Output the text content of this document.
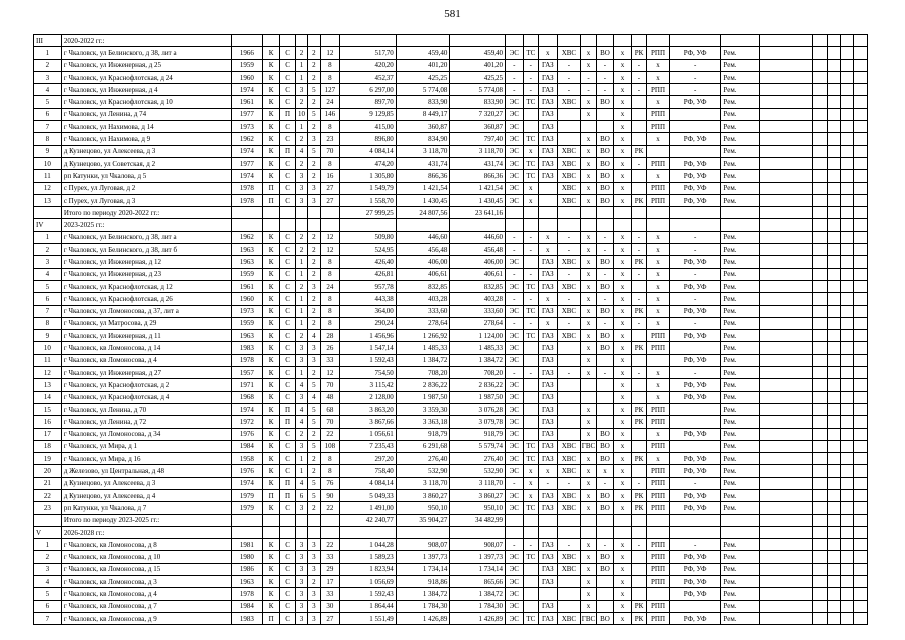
581
III	2020-2022 гг.:																									
1	г Чкаловск, ул Белинского, д 38, лит а	1966	К	С	2	2	12	517,70	459,40	459,40	ЭС	ТС	х	ХВС	х	ВО	х	РК	РПП	РФ, УФ	Рем.					
2	г Чкаловск, ул Инженерная, д 25	1959	К	С	1	2	8	420,20	401,20	401,20	-	-	ГАЗ	-	х	-	х	-	х	-	Рем.					
3	г Чкаловск, ул Краснофлотская, д 24	1960	К	С	1	2	8	452,37	425,25	425,25	-	-	ГАЗ	-	-	-	х	-	х	-	Рем.					
4	г Чкаловск, ул Инженерная, д 4	1974	К	С	3	5	127	6 297,00	5 774,08	5 774,08	-	-	ГАЗ	-	-	-	х	-	РПП	-	Рем.					
5	г Чкаловск, ул Краснофлотская, д 10	1961	К	С	2	2	24	897,70	833,90	833,90	ЭС	ТС	ГАЗ	ХВС	х	ВО	х		х	РФ, УФ	Рем.					
6	г Чкаловск, ул Ленина, д 74	1977	К	П	10	5	146	9 129,85	8 449,17	7 320,27	ЭС		ГАЗ		х		х		РПП		Рем.					
7	г Чкаловск, ул Нахимова, д 14	1973	К	С	1	2	8	415,00	360,87	360,87	ЭС		ГАЗ				х		РПП		Рем.					
8	г Чкаловск, ул Нахимова, д 9	1962	К	С	2	3	23	896,80	834,90	797,40	ЭС	ТС	ГАЗ		х	ВО	х		х	РФ, УФ	Рем.					
9	д Кузнецово, ул Алексеева, д 3	1974	К	П	4	5	70	4 084,14	3 118,70	3 118,70	ЭС	х	ГАЗ	ХВС	х	ВО	х	РК			Рем.					
10	д Кузнецово, ул Советская, д 2	1977	К	С	2	2	8	474,20	431,74	431,74	ЭС	ТС	ГАЗ	ХВС	х	ВО	х	-	РПП	РФ, УФ	Рем.					
11	рп Катунки, ул Чкалова, д 5	1974	К	С	3	2	16	1 305,80	866,36	866,36	ЭС	ТС	ГАЗ	ХВС	х	ВО	х		х	РФ, УФ	Рем.					
12	с Пурех, ул Луговая, д 2	1978	П	С	3	3	27	1 549,79	1 421,54	1 421,54	ЭС	х		ХВС	х	ВО	х		РПП	РФ, УФ	Рем.					
13	с Пурех, ул Луговая, д 3	1978	П	С	3	3	27	1 558,70	1 430,45	1 430,45	ЭС	х		ХВС	х	ВО	х	РК	РПП	РФ, УФ	Рем.					
	Итого по периоду 2020-2022 гг.:							27 999,25	24 807,56	23 641,16																
IV	2023-2025 гг.:																									
1	г Чкаловск, ул Белинского, д 38, лит а	1962	К	С	2	2	12	509,80	446,60	446,60	-	-	х	-	х	-	х	-	х	-	Рем.					
2	г Чкаловск, ул Белинского, д 38, лит б	1963	К	С	2	2	12	524,95	456,48	456,48	-	-	х	-	х	-	х	-	х	-	Рем.					
3	г Чкаловск, ул Инженерная, д 12	1963	К	С	1	2	8	426,40	406,00	406,00	ЭС		ГАЗ	ХВС	х	ВО	х	РК	х	РФ, УФ	Рем.					
4	г Чкаловск, ул Инженерная, д 23	1959	К	С	1	2	8	426,81	406,61	406,61	-	-	ГАЗ	-	х	-	х	-	х	-	Рем.					
5	г Чкаловск, ул Краснофлотская, д 12	1961	К	С	2	3	24	957,78	832,85	832,85	ЭС	ТС	ГАЗ	ХВС	х	ВО	х		х	РФ, УФ	Рем.					
6	г Чкаловск, ул Краснофлотская, д 26	1960	К	С	1	2	8	443,38	403,28	403,28	-	-	х	-	х	-	х	-	х	-	Рем.					
7	г Чкаловск, ул Ломоносова, д 37, лит а	1973	К	С	1	2	8	364,00	333,60	333,60	ЭС	ТС	ГАЗ	ХВС	х	ВО	х	РК	х	РФ, УФ	Рем.					
8	г Чкаловск, ул Матросова, д 29	1959	К	С	1	2	8	290,24	278,64	278,64	-	-	х	-	х	-	х	-	х	-	Рем.					
9	г Чкаловск, ул Инженерная, д 11	1963	К	С	2	4	28	1 456,96	1 266,92	1 124,00	ЭС	ТС	ГАЗ	ХВС	х	ВО	х		РПП	РФ, УФ	Рем.					
10	г Чкаловск, кв Ломоносова, д 14	1983	К	С	3	3	26	1 547,14	1 485,33	1 485,33	ЭС		ГАЗ		х	ВО	х	РК	РПП		Рем.					
11	г Чкаловск, кв Ломоносова, д 4	1978	К	С	3	3	33	1 592,43	1 384,72	1 384,72	ЭС		ГАЗ		х		х			РФ, УФ	Рем.					
12	г Чкаловск, ул Инженерная, д 27	1957	К	С	1	2	12	754,50	708,20	708,20	-	-	ГАЗ	-	х	-	х	-	х	-	Рем.					
13	г Чкаловск, ул Краснофлотская, д 2	1971	К	С	4	5	70	3 115,42	2 836,22	2 836,22	ЭС		ГАЗ				х		х	РФ, УФ	Рем.					
14	г Чкаловск, ул Краснофлотская, д 4	1968	К	С	3	4	48	2 128,00	1 987,50	1 987,50	ЭС		ГАЗ				х		х	РФ, УФ	Рем.					
15	г Чкаловск, ул Ленина, д 70	1974	К	П	4	5	68	3 863,20	3 359,30	3 076,28	ЭС		ГАЗ		х		х	РК	РПП		Рем.					
16	г Чкаловск, ул Ленина, д 72	1972	К	П	4	5	70	3 867,66	3 363,18	3 079,78	ЭС		ГАЗ		х		х	РК	РПП		Рем.					
17	г Чкаловск, ул Ломоносова, д 34	1976	К	С	2	2	22	1 056,61	918,79	918,79	ЭС		ГАЗ		х	ВО	х		х	РФ, УФ	Рем.					
18	г Чкаловск, ул Мира, д 1	1984	К	С	3	5	108	7 235,43	6 291,68	5 579,74	ЭС	ТС	ГАЗ	ХВС	ГВС	ВО	х		РПП		Рем.					
19	г Чкаловск, ул Мира, д 16	1958	К	С	1	2	8	297,20	276,40	276,40	ЭС	ТС	ГАЗ	ХВС	х	ВО	х	РК	х	РФ, УФ	Рем.					
20	д Железово, ул Центральная, д 48	1976	К	С	1	2	8	758,40	532,90	532,90	ЭС	х	х	ХВС	х	х	х		РПП	РФ, УФ	Рем.					
21	д Кузнецово, ул Алексеева, д 3	1974	К	П	4	5	76	4 084,14	3 118,70	3 118,70	-	х	-	-	х	-	х	-	РПП	-	Рем.					
22	д Кузнецово, ул Алексеева, д 4	1979	П	П	6	5	90	5 049,33	3 860,27	3 860,27	ЭС	х	ГАЗ	ХВС	х	ВО	х	РК	РПП	РФ, УФ	Рем.					
23	рп Катунки, ул Чкалова, д 7	1979	К	С	3	2	22	1 491,00	950,10	950,10	ЭС	ТС	ГАЗ	ХВС	х	ВО	х	РК	РПП	РФ, УФ	Рем.					
	Итого по периоду 2023-2025 гг.:							42 240,77	35 904,27	34 482,99																
V	2026-2028 гг.:																									
1	г Чкаловск, кв Ломоносова, д 8	1981	К	С	3	3	22	1 044,28	908,07	908,07	-	-	ГАЗ	-	х	-	х	-	РПП	-	Рем.					
2	г Чкаловск, кв Ломоносова, д 10	1980	К	С	3	3	33	1 589,23	1 397,73	1 397,73	ЭС	ТС	ГАЗ	ХВС	х	ВО	х		РПП	РФ, УФ	Рем.					
3	г Чкаловск, кв Ломоносова, д 15	1986	К	С	3	3	29	1 823,94	1 734,14	1 734,14	ЭС		ГАЗ	ХВС	х	ВО	х		РПП	РФ, УФ	Рем.					
4	г Чкаловск, кв Ломоносова, д 3	1963	К	С	3	2	17	1 056,69	918,86	865,66	ЭС		ГАЗ		х		х		РПП	РФ, УФ	Рем.					
5	г Чкаловск, кв Ломоносова, д 4	1978	К	С	3	3	33	1 592,43	1 384,72	1 384,72	ЭС				х		х			РФ, УФ	Рем.					
6	г Чкаловск, кв Ломоносова, д 7	1984	К	С	3	3	30	1 864,44	1 784,30	1 784,30	ЭС		ГАЗ		х		х	РК	РПП		Рем.					
7	г Чкаловск, кв Ломоносова, д 9	1983	П	С	3	3	27	1 551,49	1 426,89	1 426,89	ЭС	ТС	ГАЗ	ХВС	ГВС	ВО	х	РК	РПП	РФ, УФ	Рем.					
